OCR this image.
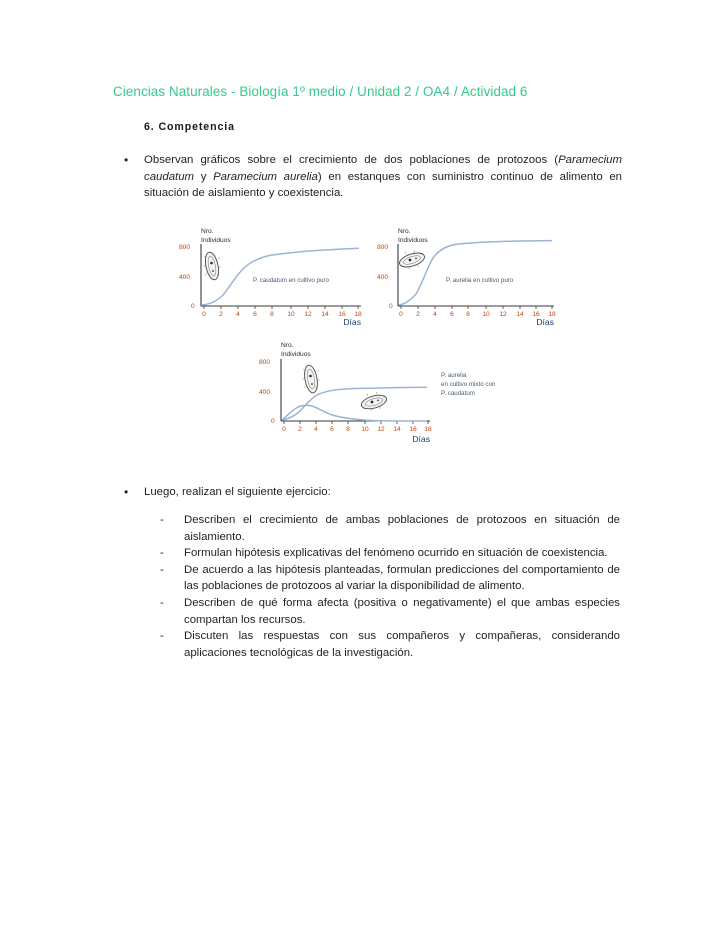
Ciencias Naturales - Biología 1º medio / Unidad 2 / OA4 / Actividad 6
6. Competencia
•	Observan gráficos sobre el crecimiento de dos poblaciones de protozoos (Paramecium caudatum y Paramecium aurelia) en estanques con suministro continuo de alimento en situación de aislamiento y coexistencia.
Nro.
Individuos
800
400
0
0 2 4 6 8 10 12 14 16 18
Días
P. caudatum en cultivo puro
Nro.
Individuos
800
400
0
0 2 4 6 8 10 12 14 16 18
Días
P. aurelia en cultivo puro
Nro.
Individuos
800
400
0
0 2 4 6 8 10 12 14 16 18
Días
P. aurelia
en cultivo mixto con
P. caudatum
•	Luego, realizan el siguiente ejercicio:
-	Describen el crecimiento de ambas poblaciones de protozoos en situación de aislamiento.
-	Formulan hipótesis explicativas del fenómeno ocurrido en situación de coexistencia.
-	De acuerdo a las hipótesis planteadas, formulan predicciones del comportamiento de las poblaciones de protozoos al variar la disponibilidad de alimento.
-	Describen de qué forma afecta (positiva o negativamente) el que ambas especies compartan los recursos.
-	Discuten las respuestas con sus compañeros y compañeras, considerando aplicaciones tecnológicas de la investigación.
